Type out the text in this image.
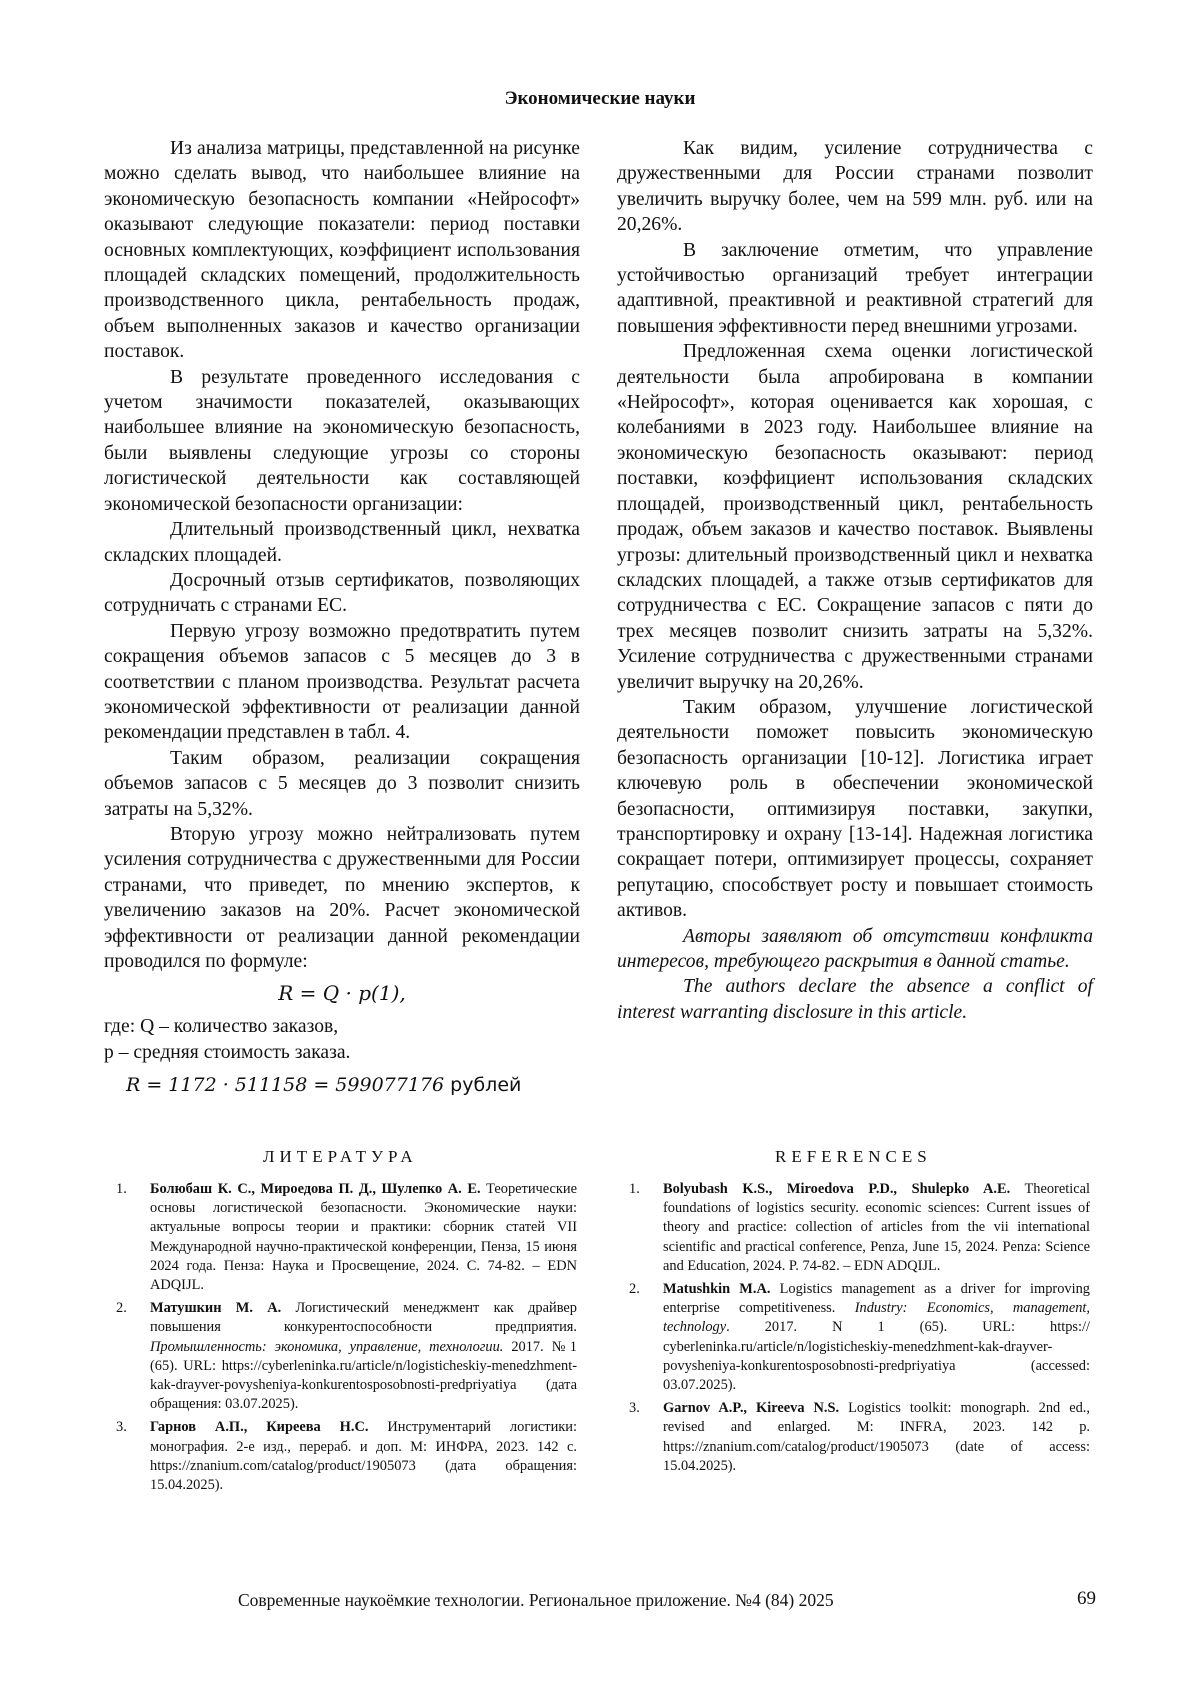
Экономические науки

Из анализа матрицы, представленной на рисунке можно сделать вывод, что наибольшее влияние на экономическую безопасность компании «Нейрософт» оказывают следующие показатели: период поставки основных комплектующих, коэффициент использования площадей складских помещений, продолжительность производственного цикла, рентабельность продаж, объем выполненных заказов и качество организации поставок.

В результате проведенного исследования с учетом значимости показателей, оказывающих наибольшее влияние на экономическую безопасность, были выявлены следующие угрозы со стороны логистической деятельности как составляющей экономической безопасности организации:

Длительный производственный цикл, нехватка складских площадей.

Досрочный отзыв сертификатов, позволяющих сотрудничать с странами ЕС.

Первую угрозу возможно предотвратить путем сокращения объемов запасов с 5 месяцев до 3 в соответствии с планом производства. Результат расчета экономической эффективности от реализации данной рекомендации представлен в табл. 4.

Таким образом, реализации сокращения объемов запасов с 5 месяцев до 3 позволит снизить затраты на 5,32%.

Вторую угрозу можно нейтрализовать путем усиления сотрудничества с дружественными для России странами, что приведет, по мнению экспертов, к увеличению заказов на 20%. Расчет экономической эффективности от реализации данной рекомендации проводился по формуле:

R = Q · p(1),

где: Q – количество заказов,

p – средняя стоимость заказа.

R = 1172 · 511158 = 599077176 рублей

Как видим, усиление сотрудничества с дружественными для России странами позволит увеличить выручку более, чем на 599 млн. руб. или на 20,26%.

В заключение отметим, что управление устойчивостью организаций требует интеграции адаптивной, преактивной и реактивной стратегий для повышения эффективности перед внешними угрозами.

Предложенная схема оценки логистической деятельности была апробирована в компании «Нейрософт», которая оценивается как хорошая, с колебаниями в 2023 году. Наибольшее влияние на экономическую безопасность оказывают: период поставки, коэффициент использования складских площадей, производственный цикл, рентабельность продаж, объем заказов и качество поставок. Выявлены угрозы: длительный производственный цикл и нехватка складских площадей, а также отзыв сертификатов для сотрудничества с ЕС. Сокращение запасов с пяти до трех месяцев позволит снизить затраты на 5,32%. Усиление сотрудничества с дружественными странами увеличит выручку на 20,26%.

Таким образом, улучшение логистической деятельности поможет повысить экономическую безопасность организации [10-12]. Логистика играет ключевую роль в обеспечении экономической безопасности, оптимизируя поставки, закупки, транспортировку и охрану [13-14]. Надежная логистика сокращает потери, оптимизирует процессы, сохраняет репутацию, способствует росту и повышает стоимость активов.

Авторы заявляют об отсутствии конфликта интересов, требующего раскрытия в данной статье.

The authors declare the absence a conflict of interest warranting disclosure in this article.

ЛИТЕРАТУРА
1.	Болюбаш К. С., Мироедова П. Д., Шулепко А. Е. Теоретические основы логистической безопасности. Экономические науки: актуальные вопросы теории и практики: сборник статей VII Международной научно-практической конференции, Пенза, 15 июня 2024 года. Пенза: Наука и Просвещение, 2024. С. 74-82. – EDN ADQIJL.
2.	Матушкин М. А. Логистический менеджмент как драйвер повышения конкурентоспособности предприятия. Промышленность: экономика, управление, технологии. 2017. №1 (65). URL: https://cyberleninka.ru/article/n/logisticheskiy-menedzhment-kak-drayver-povysheniya-konkurentosposobnosti-predpriyatiya (дата обращения: 03.07.2025).
3.	Гарнов А.П., Киреева Н.С. Инструментарий логистики: монография. 2-е изд., перераб. и доп. М: ИНФРА, 2023. 142 с. https://znanium.com/catalog/product/1905073 (дата обращения: 15.04.2025).
REFERENCES
1.	Bolyubash K.S., Miroedova P.D., Shulepko A.E. Theoretical foundations of logistics security. economic sciences: Current issues of theory and practice: collection of articles from the vii international scientific and practical conference, Penza, June 15, 2024. Penza: Science and Education, 2024. P. 74-82. – EDN ADQIJL.
2.	Matushkin M.A. Logistics management as a driver for improving enterprise competitiveness. Industry: Economics, management, technology. 2017. N 1 (65). URL: https:// cyberleninka.ru/article/n/logisticheskiy-menedzhment-kak-drayver-povysheniya-konkurentosposobnosti-predpriyatiya (accessed: 03.07.2025).
3.	Garnov A.P., Kireeva N.S. Logistics toolkit: monograph. 2nd ed., revised and enlarged. M: INFRA, 2023. 142 p. https://znanium.com/catalog/product/1905073 (date of access: 15.04.2025).
Современные наукоёмкие технологии. Региональное приложение. №4 (84) 2025	69
